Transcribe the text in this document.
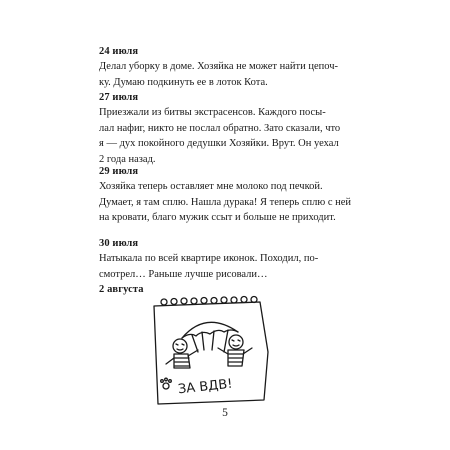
24 июля
Делал уборку в доме. Хозяйка не может найти цепоч-
ку. Думаю подкинуть ее в лоток Кота.
27 июля
Приезжали из битвы экстрасенсов. Каждого посы-
лал нафиг, никто не послал обратно. Зато сказали, что
я — дух покойного дедушки Хозяйки. Врут. Он уехал
2 года назад.
29 июля
Хозяйка теперь оставляет мне молоко под печкой.
Думает, я там сплю. Нашла дурака! Я теперь сплю с ней
на кровати, благо мужик ссыт и больше не приходит.
30 июля
Натыкала по всей квартире иконок. Походил, по-
смотрел… Раньше лучше рисовали…
2 августа
ЗА ВДВ!
5
